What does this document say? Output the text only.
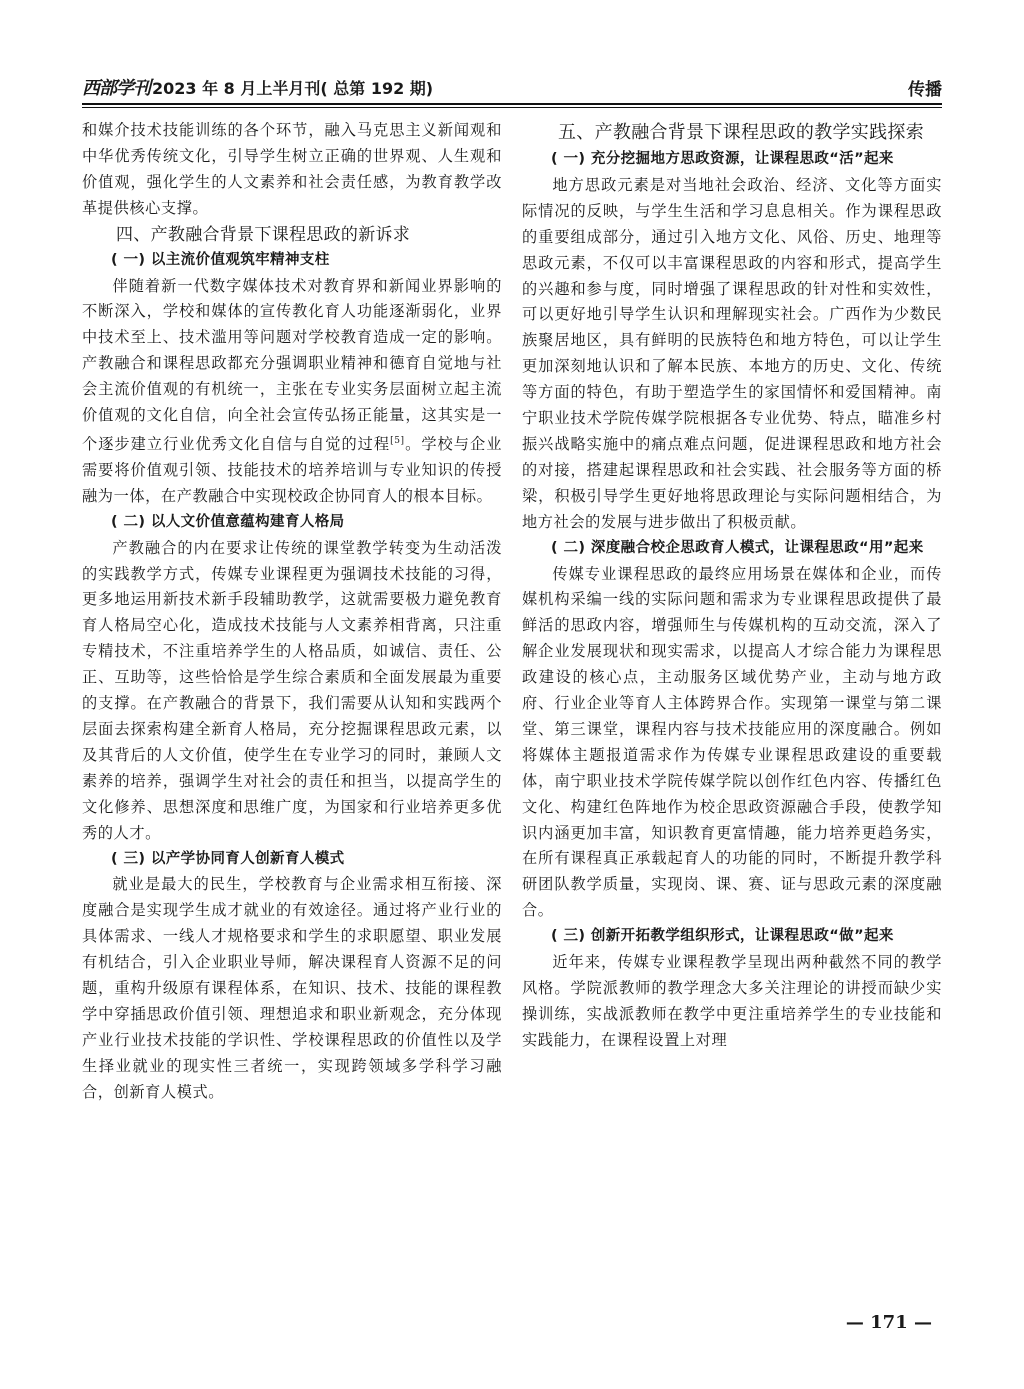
西部学刊 2023 年 8 月上半月刊( 总第 192 期)	传播

和媒介技术技能训练的各个环节，融入马克思主义新闻观和中华优秀传统文化，引导学生树立正确的世界观、人生观和价值观，强化学生的人文素养和社会责任感，为教育教学改革提供核心支撑。

四、产教融合背景下课程思政的新诉求

( 一) 以主流价值观筑牢精神支柱

伴随着新一代数字媒体技术对教育界和新闻业界影响的不断深入，学校和媒体的宣传教化育人功能逐渐弱化，业界中技术至上、技术滥用等问题对学校教育造成一定的影响。产教融合和课程思政都充分强调职业精神和德育自觉地与社会主流价值观的有机统一，主张在专业实务层面树立起主流价值观的文化自信，向全社会宣传弘扬正能量，这其实是一个逐步建立行业优秀文化自信与自觉的过程[5]。学校与企业需要将价值观引领、技能技术的培养培训与专业知识的传授融为一体，在产教融合中实现校政企协同育人的根本目标。

( 二) 以人文价值意蕴构建育人格局

产教融合的内在要求让传统的课堂教学转变为生动活泼的实践教学方式，传媒专业课程更为强调技术技能的习得，更多地运用新技术新手段辅助教学，这就需要极力避免教育育人格局空心化，造成技术技能与人文素养相背离，只注重专精技术，不注重培养学生的人格品质，如诚信、责任、公正、互助等，这些恰恰是学生综合素质和全面发展最为重要的支撑。在产教融合的背景下，我们需要从认知和实践两个层面去探索构建全新育人格局，充分挖掘课程思政元素，以及其背后的人文价值，使学生在专业学习的同时，兼顾人文素养的培养，强调学生对社会的责任和担当，以提高学生的文化修养、思想深度和思维广度，为国家和行业培养更多优秀的人才。

( 三) 以产学协同育人创新育人模式

就业是最大的民生，学校教育与企业需求相互衔接、深度融合是实现学生成才就业的有效途径。通过将产业行业的具体需求、一线人才规格要求和学生的求职愿望、职业发展有机结合，引入企业职业导师，解决课程育人资源不足的问题，重构升级原有课程体系，在知识、技术、技能的课程教学中穿插思政价值引领、理想追求和职业新观念，充分体现产业行业技术技能的学识性、学校课程思政的价值性以及学生择业就业的现实性三者统一，实现跨领域多学科学习融合，创新育人模式。

五、产教融合背景下课程思政的教学实践探索

( 一) 充分挖掘地方思政资源，让课程思政“活”起来

地方思政元素是对当地社会政治、经济、文化等方面实际情况的反映，与学生生活和学习息息相关。作为课程思政的重要组成部分，通过引入地方文化、风俗、历史、地理等思政元素，不仅可以丰富课程思政的内容和形式，提高学生的兴趣和参与度，同时增强了课程思政的针对性和实效性，可以更好地引导学生认识和理解现实社会。广西作为少数民族聚居地区，具有鲜明的民族特色和地方特色，可以让学生更加深刻地认识和了解本民族、本地方的历史、文化、传统等方面的特色，有助于塑造学生的家国情怀和爱国精神。南宁职业技术学院传媒学院根据各专业优势、特点，瞄准乡村振兴战略实施中的痛点难点问题，促进课程思政和地方社会的对接，搭建起课程思政和社会实践、社会服务等方面的桥梁，积极引导学生更好地将思政理论与实际问题相结合，为地方社会的发展与进步做出了积极贡献。

( 二) 深度融合校企思政育人模式，让课程思政“用”起来

传媒专业课程思政的最终应用场景在媒体和企业，而传媒机构采编一线的实际问题和需求为专业课程思政提供了最鲜活的思政内容，增强师生与传媒机构的互动交流，深入了解企业发展现状和现实需求，以提高人才综合能力为课程思政建设的核心点，主动服务区域优势产业，主动与地方政府、行业企业等育人主体跨界合作。实现第一课堂与第二课堂、第三课堂，课程内容与技术技能应用的深度融合。例如将媒体主题报道需求作为传媒专业课程思政建设的重要载体，南宁职业技术学院传媒学院以创作红色内容、传播红色文化、构建红色阵地作为校企思政资源融合手段，使教学知识内涵更加丰富，知识教育更富情趣，能力培养更趋务实，在所有课程真正承载起育人的功能的同时，不断提升教学科研团队教学质量，实现岗、课、赛、证与思政元素的深度融合。

( 三) 创新开拓教学组织形式，让课程思政“做”起来

近年来，传媒专业课程教学呈现出两种截然不同的教学风格。学院派教师的教学理念大多关注理论的讲授而缺少实操训练，实战派教师在教学中更注重培养学生的专业技能和实践能力，在课程设置上对理

— 171 —
